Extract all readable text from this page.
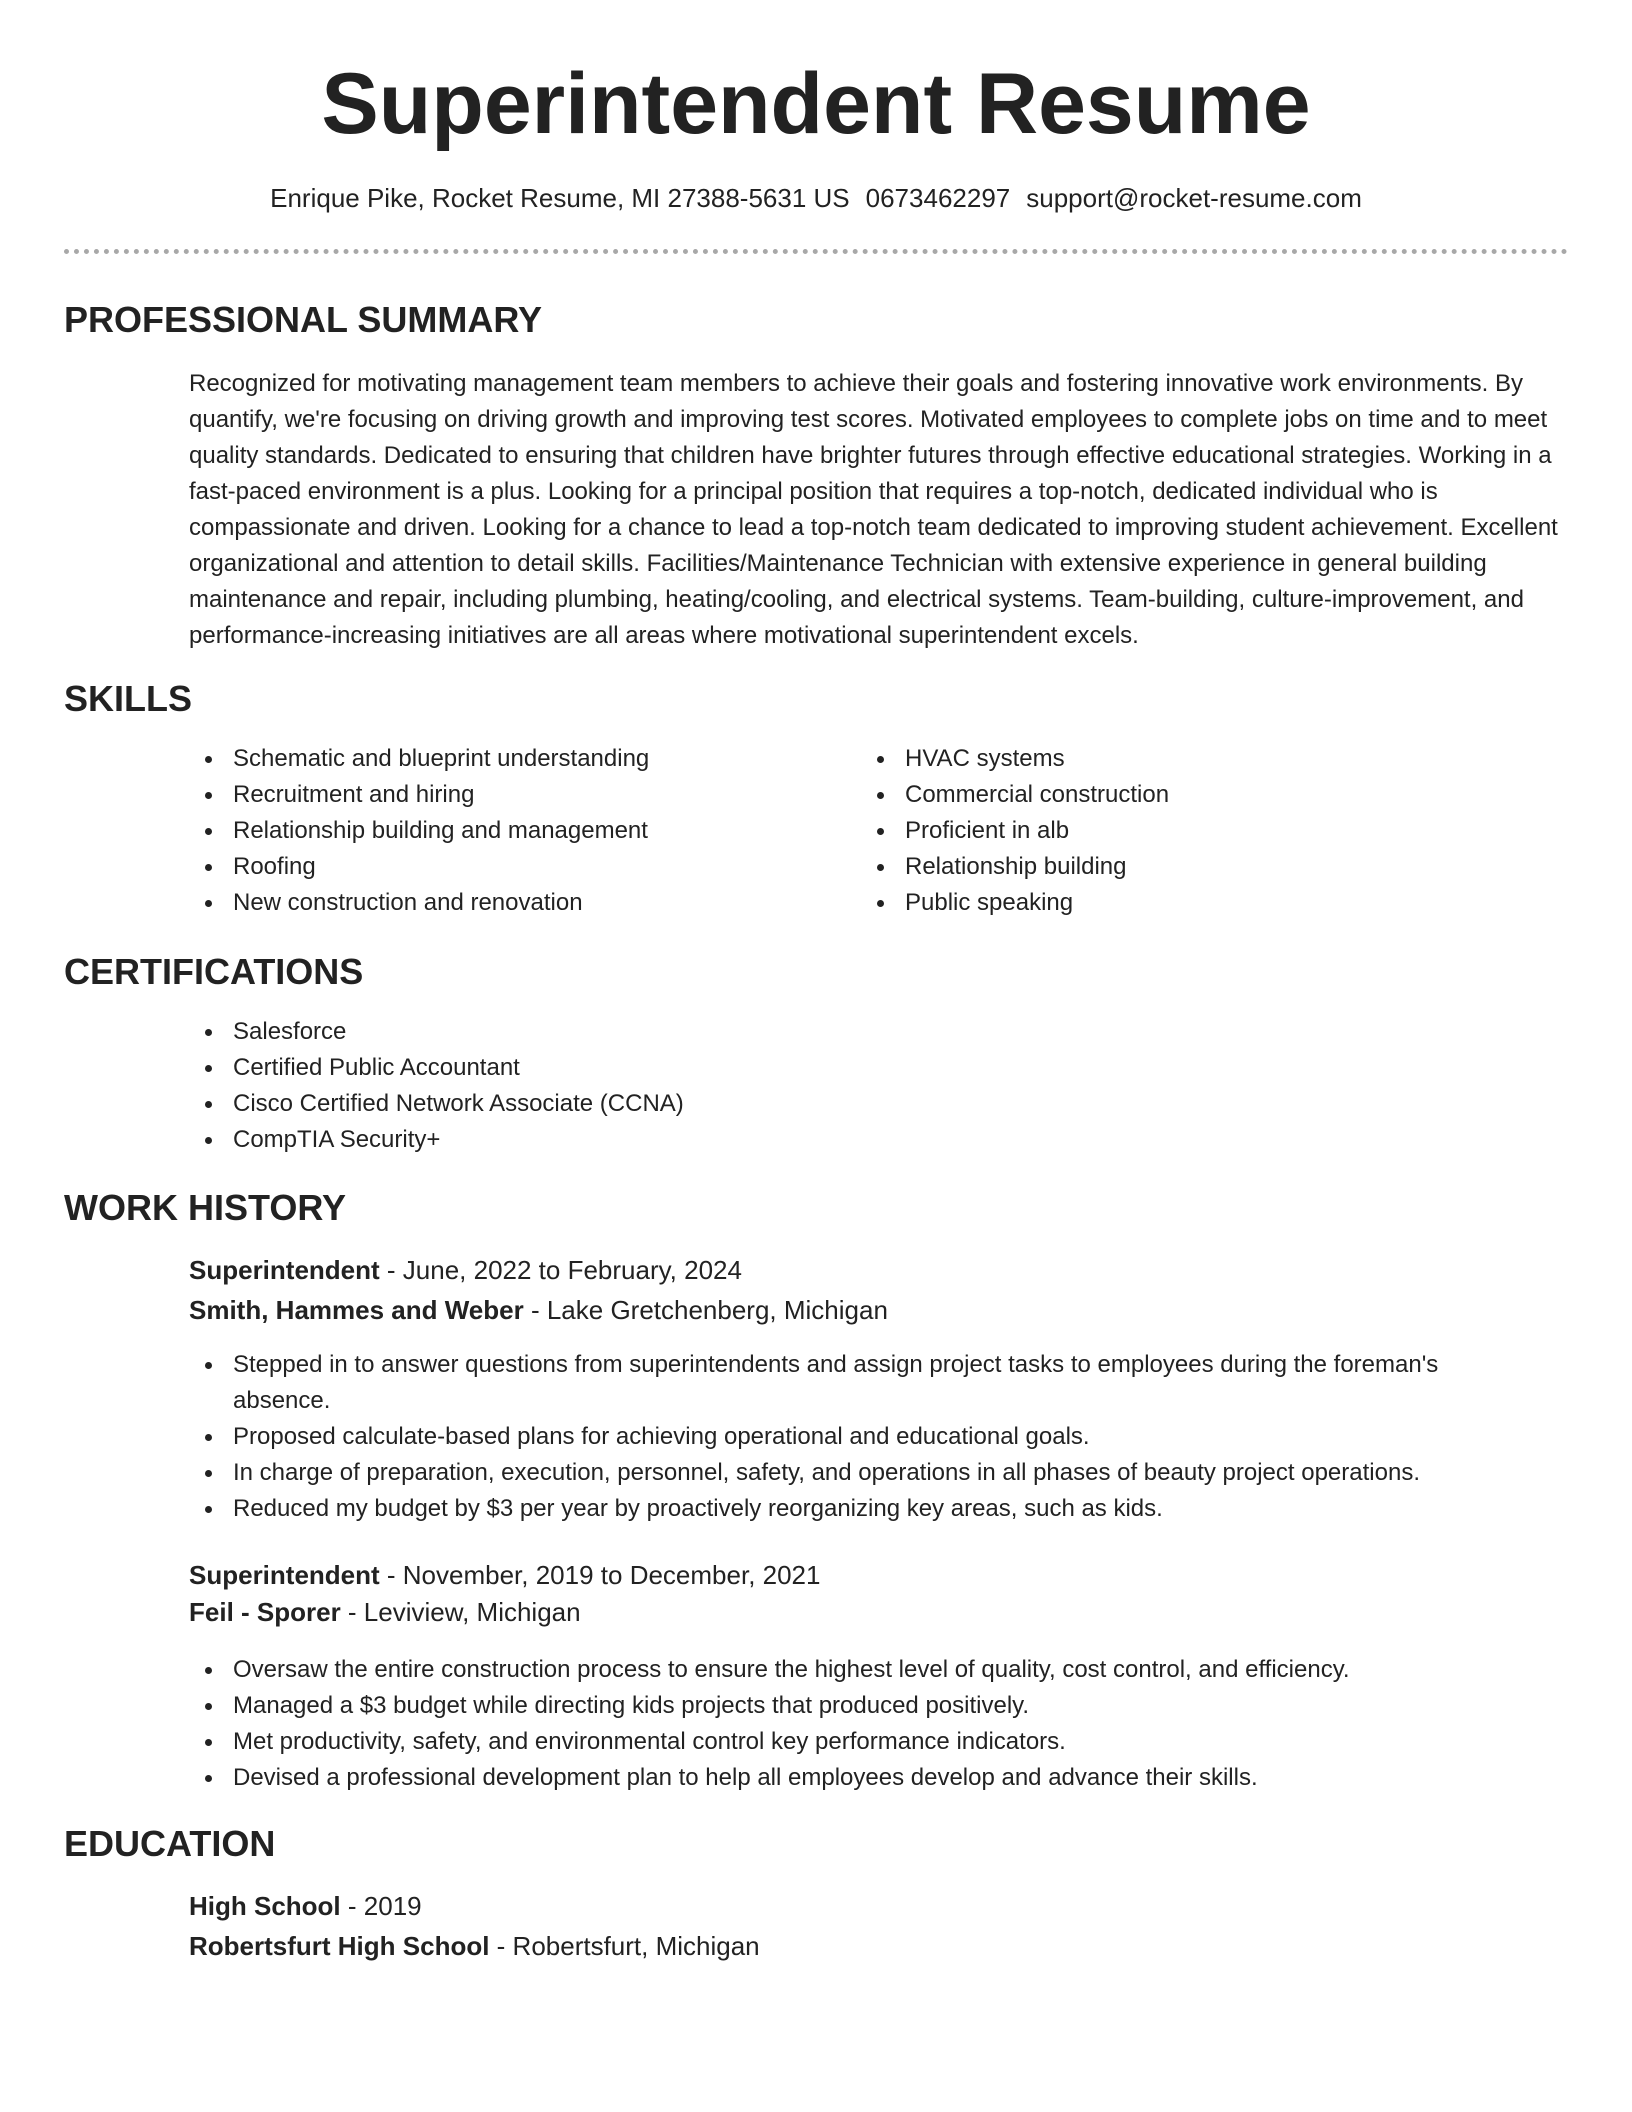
Superintendent Resume
Enrique Pike, Rocket Resume, MI 27388-5631 US 0673462297 support@rocket-resume.com
PROFESSIONAL SUMMARY
Recognized for motivating management team members to achieve their goals and fostering innovative work environments. By quantify, we're focusing on driving growth and improving test scores. Motivated employees to complete jobs on time and to meet quality standards. Dedicated to ensuring that children have brighter futures through effective educational strategies. Working in a fast-paced environment is a plus. Looking for a principal position that requires a top-notch, dedicated individual who is compassionate and driven. Looking for a chance to lead a top-notch team dedicated to improving student achievement. Excellent organizational and attention to detail skills. Facilities/Maintenance Technician with extensive experience in general building maintenance and repair, including plumbing, heating/cooling, and electrical systems. Team-building, culture-improvement, and performance-increasing initiatives are all areas where motivational superintendent excels.
SKILLS
Schematic and blueprint understanding
Recruitment and hiring
Relationship building and management
Roofing
New construction and renovation
HVAC systems
Commercial construction
Proficient in alb
Relationship building
Public speaking
CERTIFICATIONS
Salesforce
Certified Public Accountant
Cisco Certified Network Associate (CCNA)
CompTIA Security+
WORK HISTORY
Superintendent - June, 2022 to February, 2024
Smith, Hammes and Weber - Lake Gretchenberg, Michigan
Stepped in to answer questions from superintendents and assign project tasks to employees during the foreman's absence.
Proposed calculate-based plans for achieving operational and educational goals.
In charge of preparation, execution, personnel, safety, and operations in all phases of beauty project operations.
Reduced my budget by $3 per year by proactively reorganizing key areas, such as kids.
Superintendent - November, 2019 to December, 2021
Feil - Sporer - Leviview, Michigan
Oversaw the entire construction process to ensure the highest level of quality, cost control, and efficiency.
Managed a $3 budget while directing kids projects that produced positively.
Met productivity, safety, and environmental control key performance indicators.
Devised a professional development plan to help all employees develop and advance their skills.
EDUCATION
High School - 2019
Robertsfurt High School - Robertsfurt, Michigan
